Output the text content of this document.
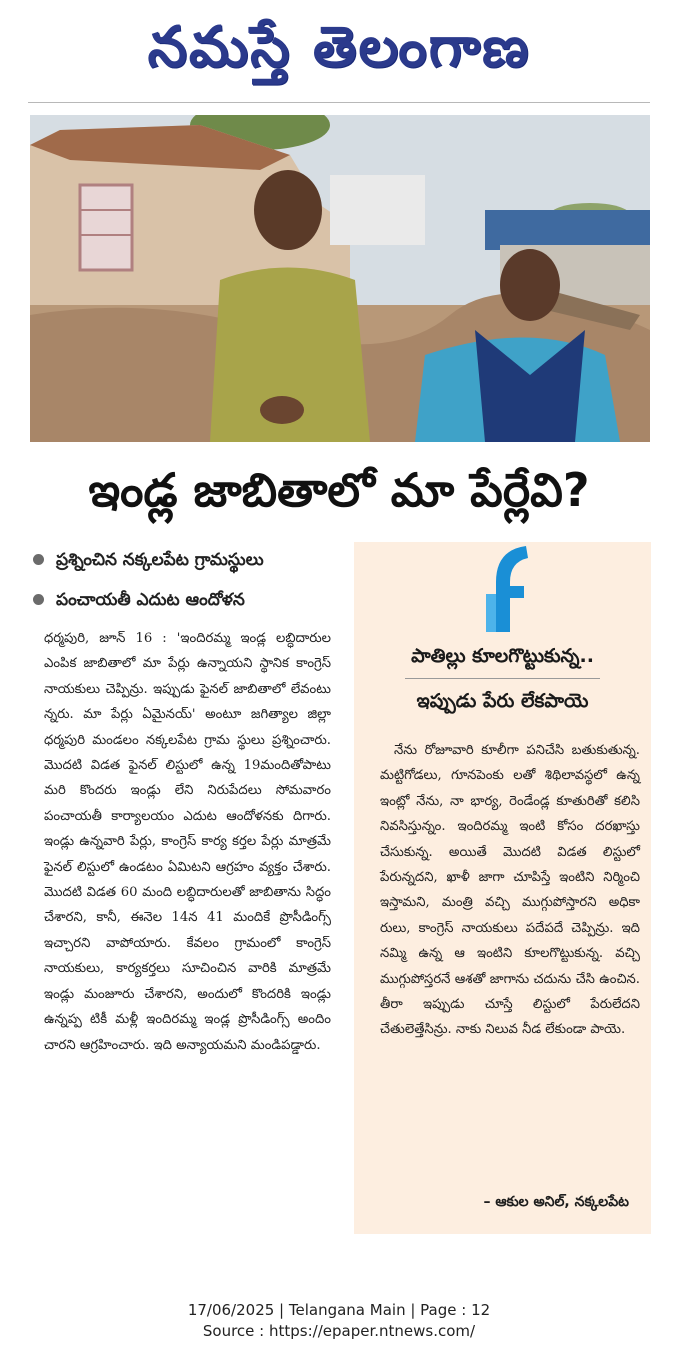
నమస్తే తెలంగాణ
ఇండ్ల జాబితాలో మా పేర్లేవి?
ప్రశ్నించిన నక్కలపేట గ్రామస్థులు
పంచాయతీ ఎదుట ఆందోళన
ధర్మపురి, జూన్ 16 : 'ఇందిరమ్మ ఇండ్ల లబ్ధిదారుల ఎంపిక జాబితాలో మా పేర్లు ఉన్నాయని స్థానిక కాంగ్రెస్ నాయకులు చెప్పిన్రు. ఇప్పుడు ఫైనల్ జాబితాలో లేవంటు న్నరు. మా పేర్లు ఏమైనయ్' అంటూ జగిత్యాల జిల్లా ధర్మపురి మండలం నక్కలపేట గ్రామ స్థులు ప్రశ్నించారు. మొదటి విడత ఫైనల్ లిస్టులో ఉన్న 19మందితోపాటు మరి కొందరు ఇండ్లు లేని నిరుపేదలు సోమవారం పంచాయతీ కార్యాలయం ఎదుట ఆందోళనకు దిగారు. ఇండ్లు ఉన్నవారి పేర్లు, కాంగ్రెస్ కార్య కర్తల పేర్లు మాత్రమే ఫైనల్ లిస్టులో ఉండటం ఏమిటని ఆగ్రహం వ్యక్తం చేశారు. మొదటి విడత 60 మంది లబ్ధిదారులతో జాబితాను సిద్ధం చేశారని, కానీ, ఈనెల 14న 41 మందికే ప్రొసీడింగ్స్ ఇచ్చారని వాపోయారు. కేవలం గ్రామంలో కాంగ్రెస్ నాయకులు, కార్యకర్తలు సూచించిన వారికి మాత్రమే ఇండ్లు మంజూరు చేశారని, అందులో కొందరికి ఇండ్లు ఉన్నప్ప టికీ మళ్లీ ఇందిరమ్మ ఇండ్ల ప్రొసీడింగ్స్ అందిం చారని ఆగ్రహించారు. ఇది అన్యాయమని మండిపడ్డారు.
పాతిల్లు కూలగొట్టుకున్న..
ఇప్పుడు పేరు లేకపాయె
నేను రోజూవారి కూలీగా పనిచేసి బతుకుతున్న. మట్టిగోడలు, గూనపెంకు లతో శిథిలావస్థలో ఉన్న ఇంట్లో నేను, నా భార్య, రెండేండ్ల కూతురితో కలిసి నివసిస్తున్నం. ఇందిరమ్మ ఇంటి కోసం దరఖాస్తు చేసుకున్న. అయితే మొదటి విడత లిస్టులో పేరున్నదని, ఖాళీ జాగా చూపిస్తే ఇంటిని నిర్మించి ఇస్తామని, మంత్రి వచ్చి ముగ్గుపోస్తారని అధికా రులు, కాంగ్రెస్ నాయకులు పదేపదే చెప్పిన్రు. ఇది నమ్మి ఉన్న ఆ ఇంటిని కూలగొట్టుకున్న. వచ్చి ముగ్గుపోస్తరనే ఆశతో జాగాను చదును చేసి ఉంచిన. తీరా ఇప్పుడు చూస్తే లిస్టులో పేరులేదని చేతులెత్తేసిన్రు. నాకు నిలువ నీడ లేకుండా పాయె.
– ఆకుల అనిల్, నక్కలపేట
17/06/2025 | Telangana Main | Page : 12
Source : https://epaper.ntnews.com/
